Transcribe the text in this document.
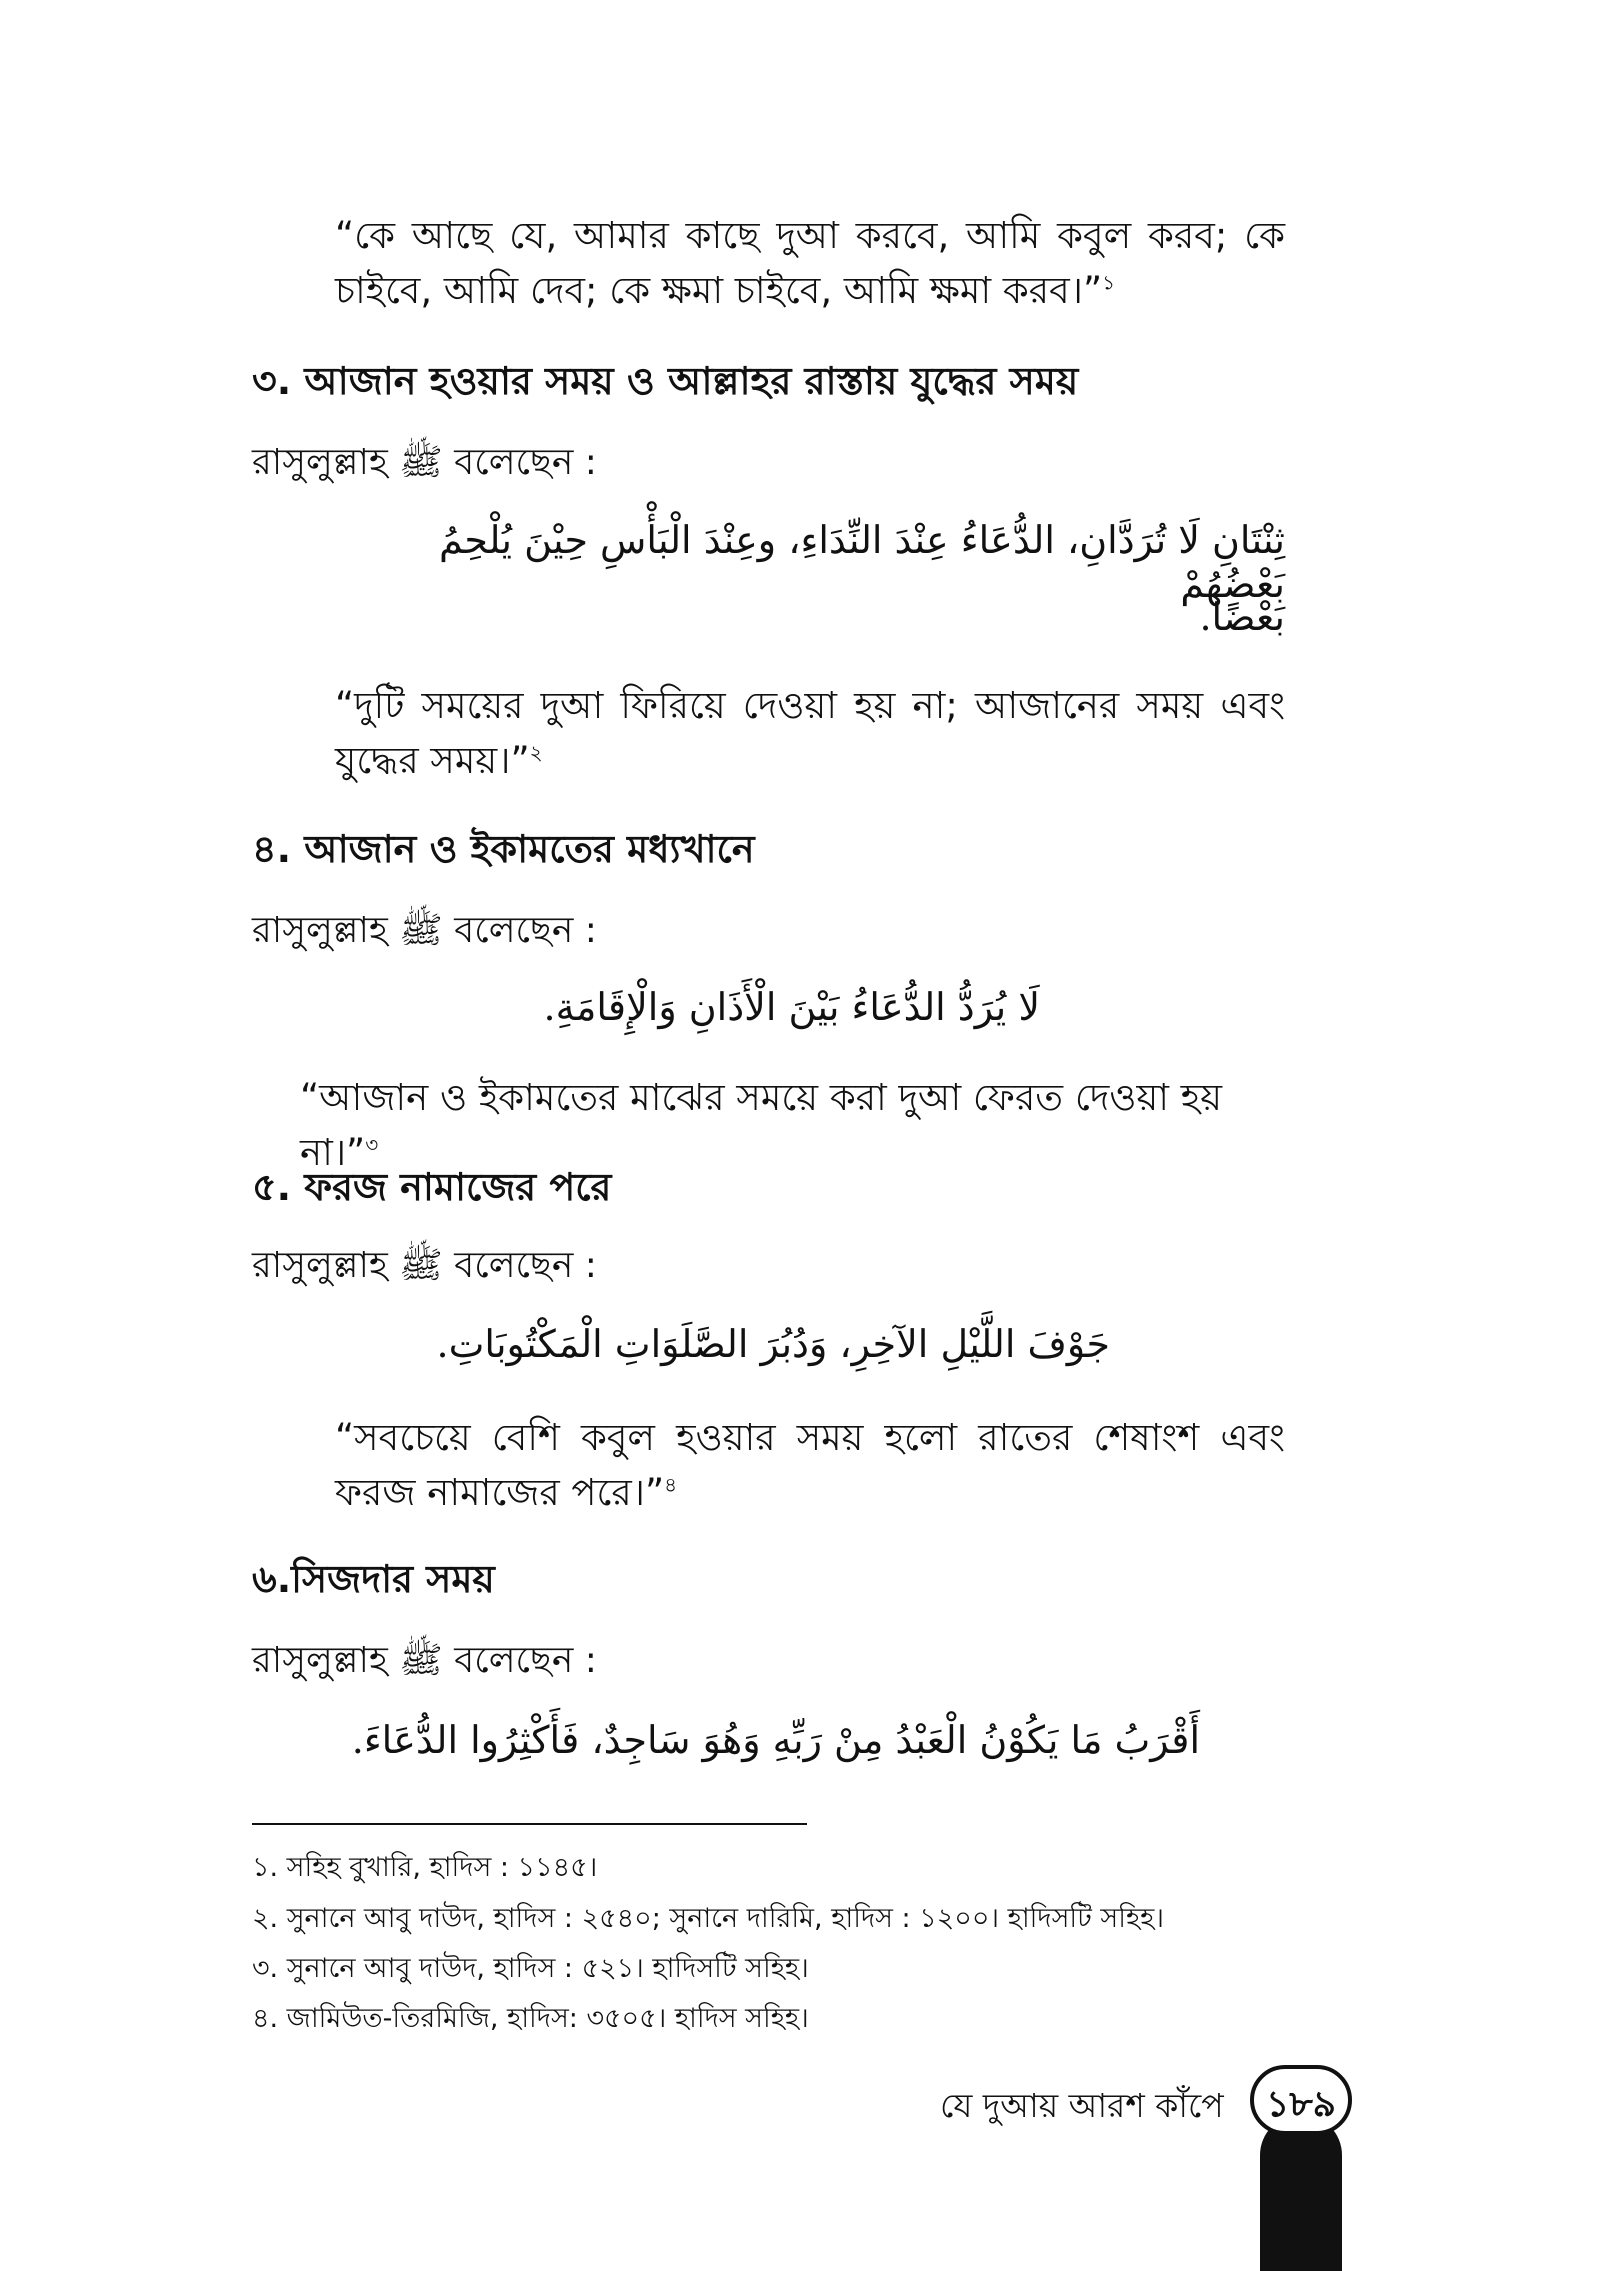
“কে আছে যে, আমার কাছে দুআ করবে, আমি কবুল করব; কে চাইবে, আমি দেব; কে ক্ষমা চাইবে, আমি ক্ষমা করব।”$^১$
৩. আজান হওয়ার সময় ও আল্লাহর রাস্তায় যুদ্ধের সময়
রাসুলুল্লাহ ﷺ বলেছেন :
ثِنْتَانِ لَا تُرَدَّانِ، الدُّعَاءُ عِنْدَ النِّدَاءِ، وعِنْدَ الْبَأْسِ حِيْنَ يُلْحِمُ بَعْضُهُمْ
بَعْضًا.
“দুটি সময়ের দুআ ফিরিয়ে দেওয়া হয় না; আজানের সময় এবং যুদ্ধের সময়।”$^২$
৪. আজান ও ইকামতের মধ্যখানে
রাসুলুল্লাহ ﷺ বলেছেন :
لَا يُرَدُّ الدُّعَاءُ بَيْنَ الْأَذَانِ وَالْإِقَامَةِ.
“আজান ও ইকামতের মাঝের সময়ে করা দুআ ফেরত দেওয়া হয় না।”$^৩$
৫. ফরজ নামাজের পরে
রাসুলুল্লাহ ﷺ বলেছেন :
جَوْفَ اللَّيْلِ الآخِرِ، وَدُبُرَ الصَّلَوَاتِ الْمَكْتُوبَاتِ.
“সবচেয়ে বেশি কবুল হওয়ার সময় হলো রাতের শেষাংশ এবং ফরজ নামাজের পরে।”$^৪$
৬.সিজদার সময়
রাসুলুল্লাহ ﷺ বলেছেন :
أَقْرَبُ مَا يَكُوْنُ الْعَبْدُ مِنْ رَبِّهِ وَهُوَ سَاجِدٌ، فَأَكْثِرُوا الدُّعَاءَ.
১. সহিহ বুখারি, হাদিস : ১১৪৫।
২. সুনানে আবু দাউদ, হাদিস : ২৫৪০; সুনানে দারিমি, হাদিস : ১২০০। হাদিসটি সহিহ।
৩. সুনানে আবু দাউদ, হাদিস : ৫২১। হাদিসটি সহিহ।
৪. জামিউত-তিরমিজি, হাদিস: ৩৫০৫। হাদিস সহিহ।
যে দুআয় আরশ কাঁপে	১৮৯
